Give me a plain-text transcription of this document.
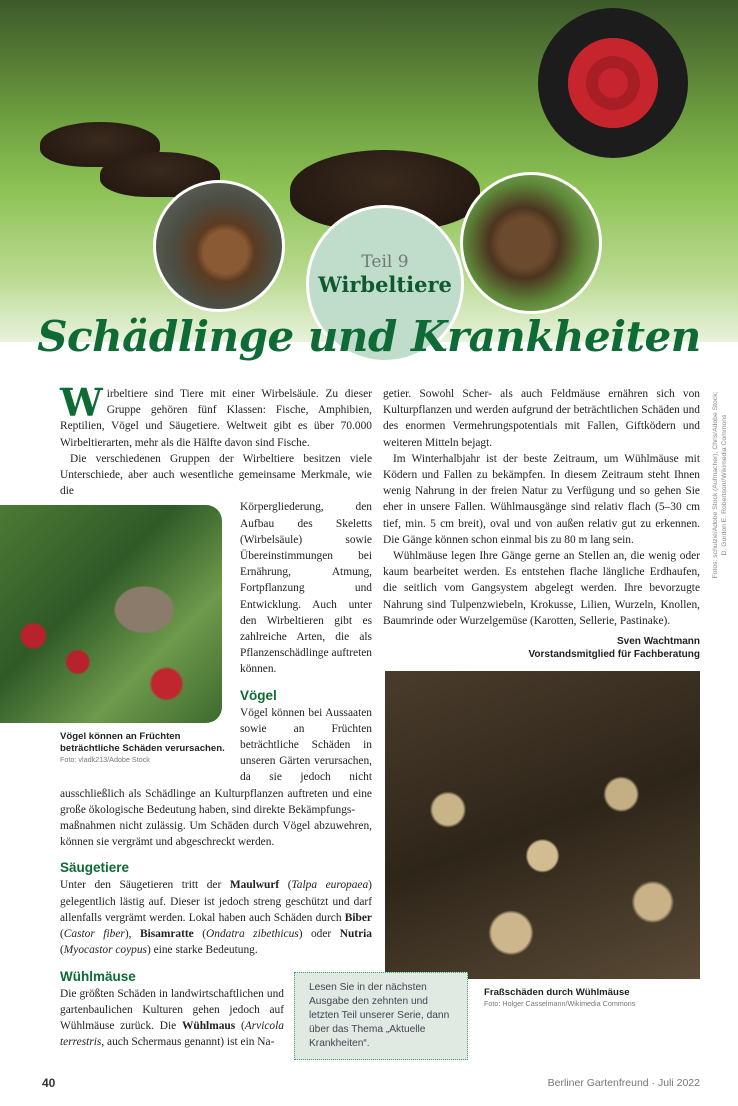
Teil 9
Wirbeltiere
Schädlinge und Krankheiten
Fotos: schulzie/Adobe Stock (Aufmacher), Chris/Adobe Stock; D. Gordon E. Robertson//Wikimedia Commons

Wirbeltiere sind Tiere mit einer Wirbelsäule. Zu dieser Gruppe gehören fünf Klassen: Fische, Amphibien, Reptilien, Vögel und Säugetiere. Weltweit gibt es über 70.000 Wirbeltierarten, mehr als die Hälfte davon sind Fische.

Die verschiedenen Gruppen der Wirbeltiere besitzen viele Unterschiede, aber auch wesentliche gemeinsame Merkmale, wie die

Vögel können an Früchten beträchtliche Schäden verursachen.
Foto: vladk213/Adobe Stock
Körpergliederung, den Aufbau des Skeletts (Wirbelsäule) sowie Übereinstimmungen bei Ernährung, Atmung, Fortpflanzung und Entwicklung. Auch unter den Wirbeltieren gibt es zahlreiche Arten, die als Pflanzenschädlinge auftreten können.
Vögel
Vögel können bei Aussaaten sowie an Früchten beträchtliche Schäden in unseren Gärten verursachen, da sie jedoch nicht ausschließlich als Schädlinge an Kulturpflanzen auftreten und eine große ökologische Bedeutung haben, sind direkte Bekämpfungs-
maßnahmen nicht zulässig. Um Schäden durch Vögel abzuwehren, können sie vergrämt und abgeschreckt werden.
Säugetiere
Unter den Säugetieren tritt der Maulwurf (Talpa europaea) gelegentlich lästig auf. Dieser ist jedoch streng geschützt und darf allenfalls vergrämt werden. Lokal haben auch Schäden durch Biber (Castor fiber), Bisamratte (Ondatra zibethicus) oder Nutria (Myocastor coypus) eine starke Bedeutung.
Lesen Sie in der nächsten Ausgabe den zehnten und letzten Teil unserer Serie, dann über das Thema „Aktuelle Krankheiten“.
Wühlmäuse
Die größten Schäden in landwirtschaftlichen und gartenbaulichen Kulturen gehen jedoch auf Wühlmäuse zurück. Die Wühlmaus (Arvicola terrestris, auch Schermaus genannt) ist ein Na-

getier. Sowohl Scher- als auch Feldmäuse ernähren sich von Kulturpflanzen und werden aufgrund der beträchtlichen Schäden und des enormen Vermehrungspotentials mit Fallen, Giftködern und weiteren Mitteln bejagt.

Im Winterhalbjahr ist der beste Zeitraum, um Wühlmäuse mit Ködern und Fallen zu bekämpfen. In diesem Zeitraum steht Ihnen wenig Nahrung in der freien Natur zu Verfügung und so gehen Sie eher in unsere Fallen. Wühlmausgänge sind relativ flach (5–30 cm tief, min. 5 cm breit), oval und von außen relativ gut zu erkennen. Die Gänge können schon einmal bis zu 80 m lang sein.

Wühlmäuse legen Ihre Gänge gerne an Stellen an, die wenig oder kaum bearbeitet werden. Es entstehen flache längliche Erdhaufen, die seitlich vom Gangsystem abgelegt werden. Ihre bevorzugte Nahrung sind Tulpenzwiebeln, Krokusse, Lilien, Wurzeln, Knollen, Baumrinde oder Wurzelgemüse (Karotten, Sellerie, Pastinake).

Sven Wachtmann
Vorstandsmitglied für Fachberatung
Fraßschäden durch Wühlmäuse
Foto: Holger Casselmann/Wikimedia Commons
40	Berliner Gartenfreund · Juli 2022
